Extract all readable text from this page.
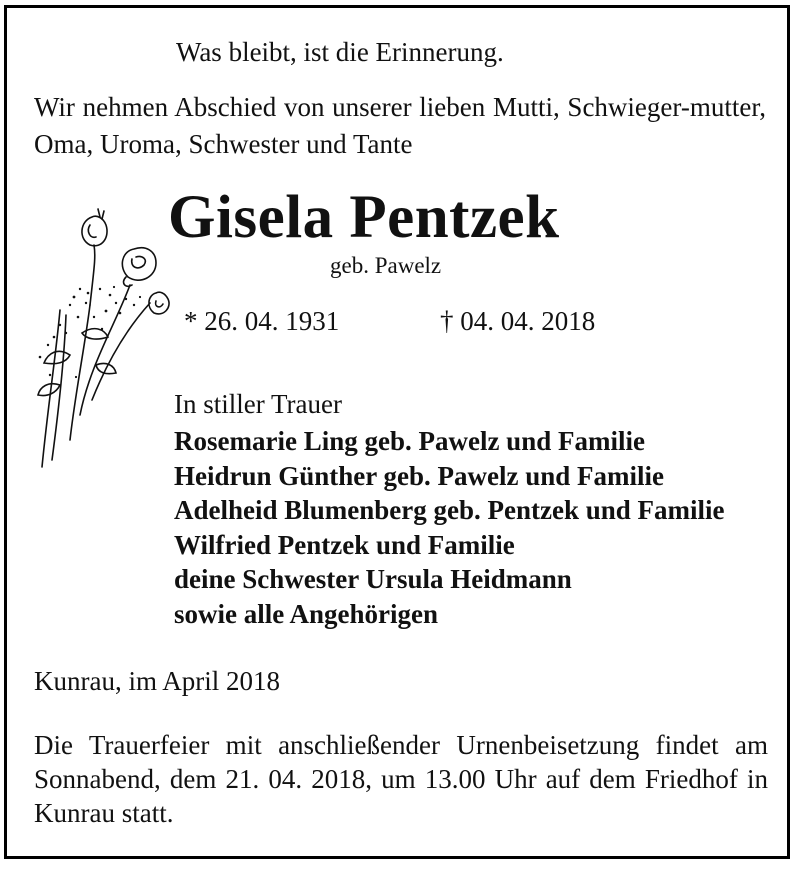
Was bleibt, ist die Erinnerung.
Wir nehmen Abschied von unserer lieben Mutti, Schwieger-mutter, Oma, Uroma, Schwester und Tante
Gisela Pentzek
geb. Pawelz
* 26. 04. 1931	† 04. 04. 2018
In stiller Trauer
Rosemarie Ling geb. Pawelz und Familie
Heidrun Günther geb. Pawelz und Familie
Adelheid Blumenberg geb. Pentzek und Familie
Wilfried Pentzek und Familie
deine Schwester Ursula Heidmann
sowie alle Angehörigen
Kunrau, im April 2018
Die Trauerfeier mit anschließender Urnenbeisetzung findet am Sonnabend, dem 21. 04. 2018, um 13.00 Uhr auf dem Friedhof in Kunrau statt.
